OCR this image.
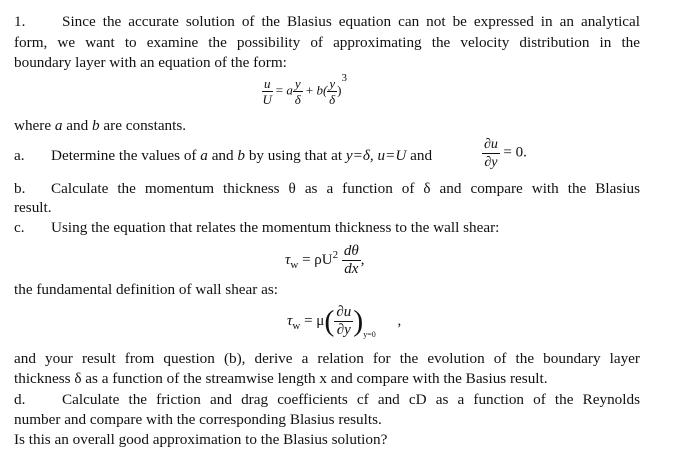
1. Since the accurate solution of the Blasius equation can not be expressed in an analytical
form, we want to examine the possibility of approximating the velocity distribution in the
boundary layer with an equation of the form:
$\frac{u}{U} = a \frac{y}{\delta} + b( \frac{y}{\delta} )^3$
where a and b are constants.
a. Determine the values of a and b by using that at y=δ, u=U and	$\frac{\partial u}{\partial y} = 0$.
b. Calculate the momentum thickness θ as a function of δ and compare with the Blasius
result.
c. Using the equation that relates the momentum thickness to the wall shear:
$\tau_w = \rho U^2 \frac{d\theta}{dx}$ ,
the fundamental definition of wall shear as:
$\tau_w = \mu( \frac{\partial u}{\partial y} )_{y=0}$ ,
and your result from question (b), derive a relation for the evolution of the boundary layer
thickness δ as a function of the streamwise length x and compare with the Basius result.
d. Calculate the friction and drag coefficients cf and cD as a function of the Reynolds
number and compare with the corresponding Blasius results.
Is this an overall good approximation to the Blasius solution?
